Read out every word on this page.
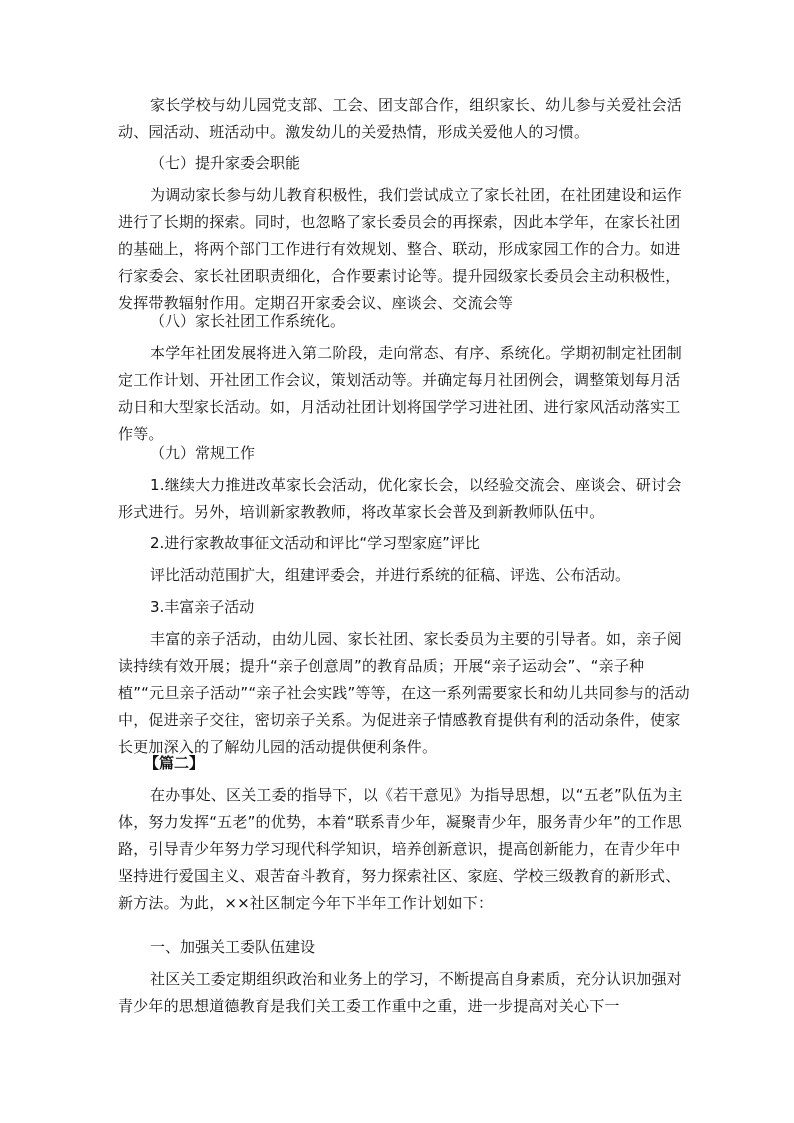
家长学校与幼儿园党支部、工会、团支部合作，组织家长、幼儿参与关爱社会活动、园活动、班活动中。激发幼儿的关爱热情，形成关爱他人的习惯。

（七）提升家委会职能

为调动家长参与幼儿教育积极性，我们尝试成立了家长社团，在社团建设和运作进行了长期的探索。同时，也忽略了家长委员会的再探索，因此本学年，在家长社团的基础上，将两个部门工作进行有效规划、整合、联动，形成家园工作的合力。如进行家委会、家长社团职责细化，合作要素讨论等。提升园级家长委员会主动积极性，发挥带教辐射作用。定期召开家委会议、座谈会、交流会等

（八）家长社团工作系统化。

本学年社团发展将进入第二阶段，走向常态、有序、系统化。学期初制定社团制定工作计划、开社团工作会议，策划活动等。并确定每月社团例会，调整策划每月活动日和大型家长活动。如，月活动社团计划将国学学习进社团、进行家风活动落实工作等。

（九）常规工作

1.继续大力推进改革家长会活动，优化家长会，以经验交流会、座谈会、研讨会形式进行。另外，培训新家教教师，将改革家长会普及到新教师队伍中。

2.进行家教故事征文活动和评比“学习型家庭”评比

评比活动范围扩大，组建评委会，并进行系统的征稿、评选、公布活动。

3.丰富亲子活动

丰富的亲子活动，由幼儿园、家长社团、家长委员为主要的引导者。如，亲子阅读持续有效开展；提升“亲子创意周”的教育品质；开展“亲子运动会”、“亲子种植”“元旦亲子活动”“亲子社会实践”等等，在这一系列需要家长和幼儿共同参与的活动中，促进亲子交往，密切亲子关系。为促进亲子情感教育提供有利的活动条件，使家长更加深入的了解幼儿园的活动提供便利条件。

【篇二】

在办事处、区关工委的指导下，以《若干意见》为指导思想，以“五老”队伍为主体，努力发挥“五老”的优势，本着“联系青少年，凝聚青少年，服务青少年”的工作思路，引导青少年努力学习现代科学知识，培养创新意识，提高创新能力，在青少年中坚持进行爱国主义、艰苦奋斗教育，努力探索社区、家庭、学校三级教育的新形式、新方法。为此，××社区制定今年下半年工作计划如下：

一、加强关工委队伍建设

社区关工委定期组织政治和业务上的学习，不断提高自身素质，充分认识加强对青少年的思想道德教育是我们关工委工作重中之重，进一步提高对关心下一
